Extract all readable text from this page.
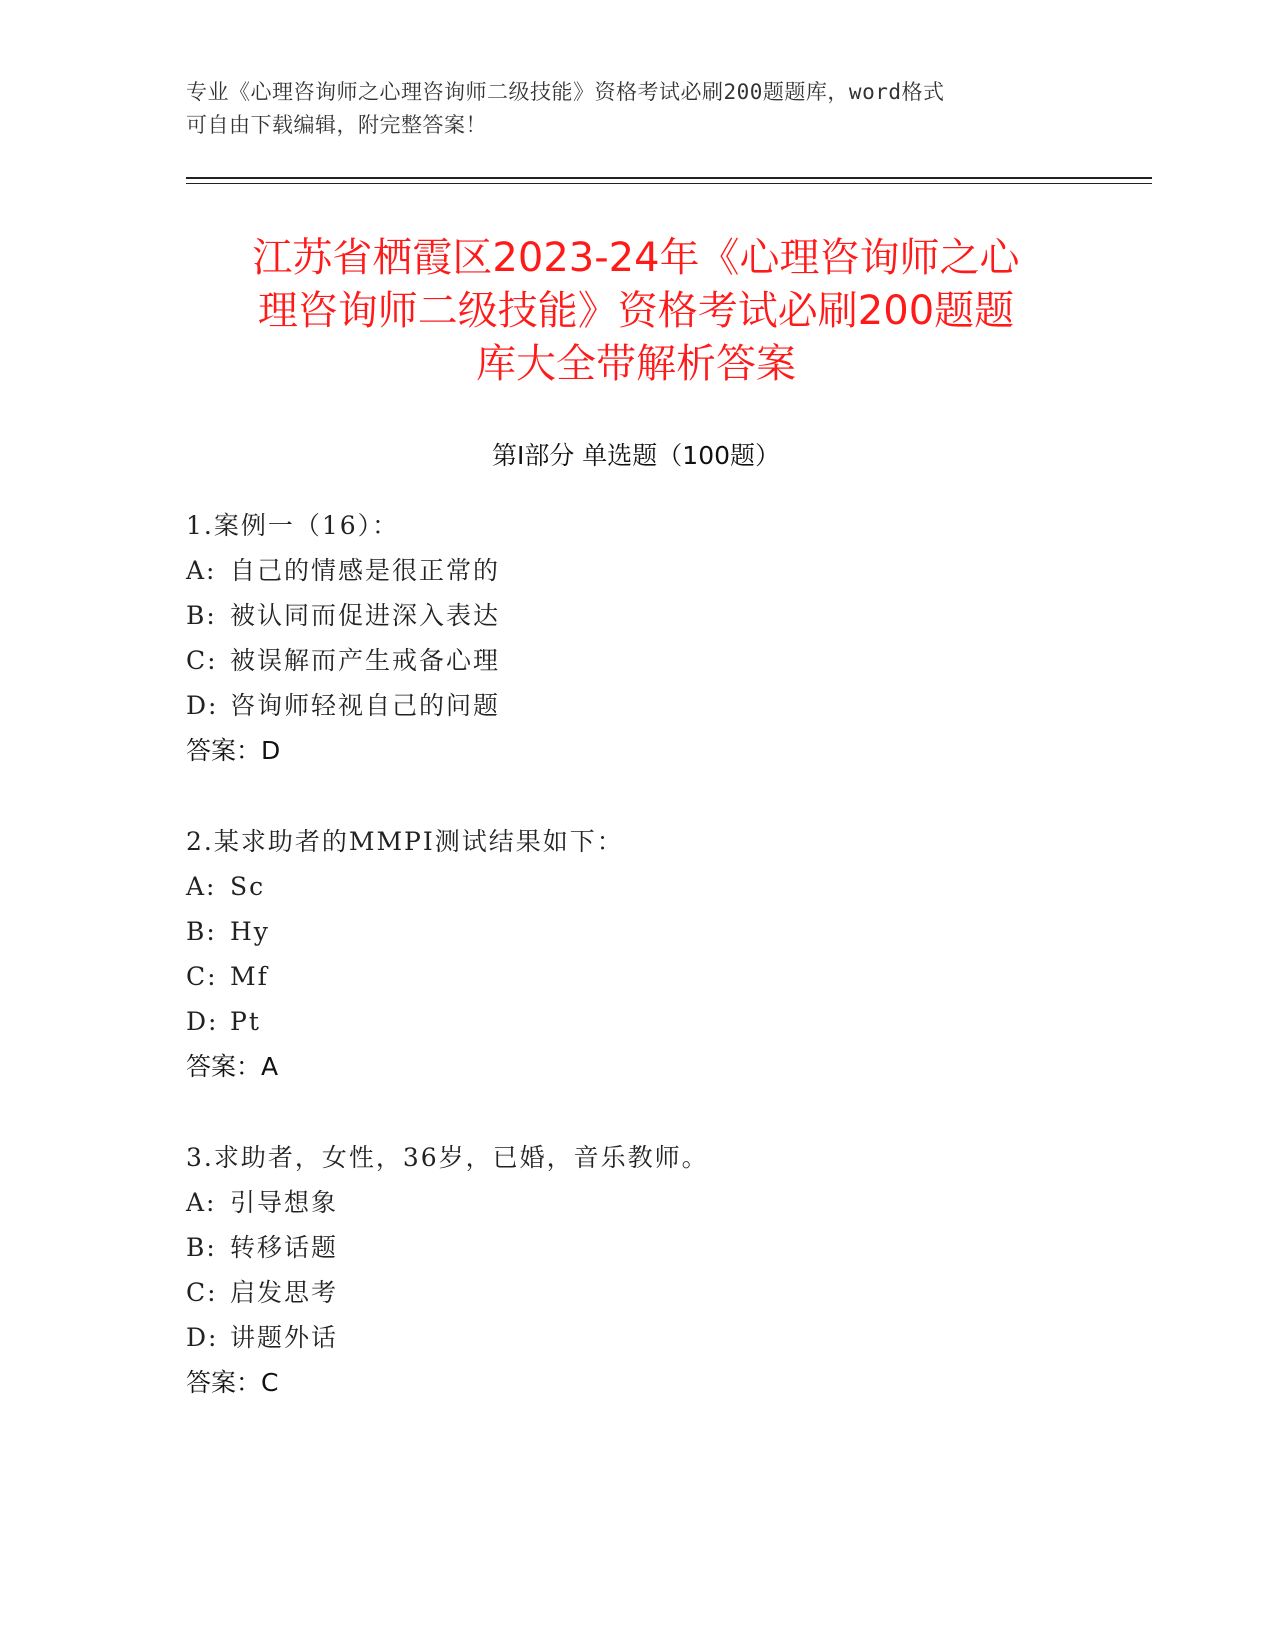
专业《心理咨询师之心理咨询师二级技能》资格考试必刷200题题库，word格式
可自由下载编辑，附完整答案！
江苏省栖霞区2023-24年《心理咨询师之心
理咨询师二级技能》资格考试必刷200题题
库大全带解析答案
第I部分 单选题（100题）
1.案例一（16）：
A: 自己的情感是很正常的
B: 被认同而促进深入表达
C: 被误解而产生戒备心理
D: 咨询师轻视自己的问题
答案：D
2.某求助者的MMPI测试结果如下：
A: Sc
B: Hy
C: Mf
D: Pt
答案：A
3.求助者，女性，36岁，已婚，音乐教师。
A: 引导想象
B: 转移话题
C: 启发思考
D: 讲题外话
答案：C
